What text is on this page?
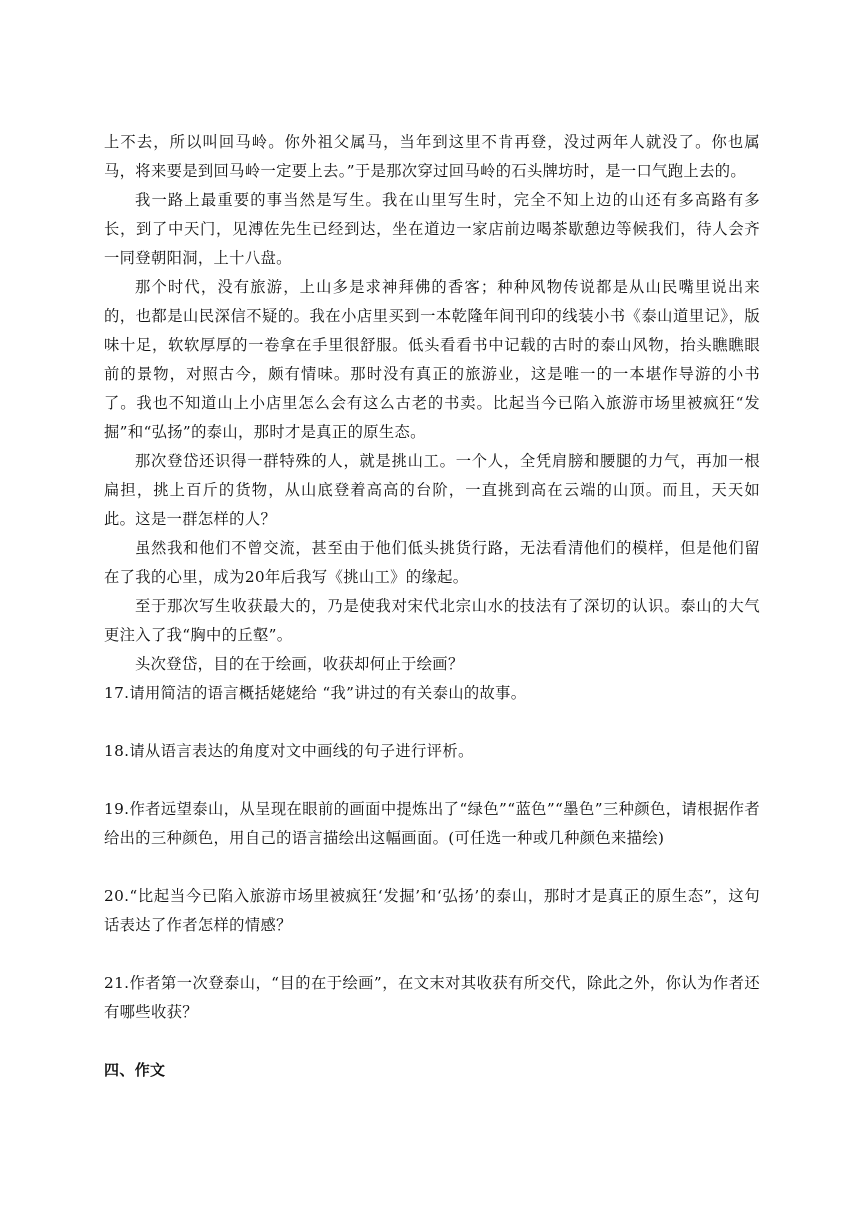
上不去，所以叫回马岭。你外祖父属马，当年到这里不肯再登，没过两年人就没了。你也属马，将来要是到回马岭一定要上去。”于是那次穿过回马岭的石头牌坊时，是一口气跑上去的。

我一路上最重要的事当然是写生。我在山里写生时，完全不知上边的山还有多高路有多长，到了中天门，见溥佐先生已经到达，坐在道边一家店前边喝茶歇憩边等候我们，待人会齐一同登朝阳洞，上十八盘。

那个时代，没有旅游，上山多是求神拜佛的香客；种种风物传说都是从山民嘴里说出来的，也都是山民深信不疑的。我在小店里买到一本乾隆年间刊印的线装小书《泰山道里记》，版味十足，软软厚厚的一卷拿在手里很舒服。低头看看书中记载的古时的泰山风物，抬头瞧瞧眼前的景物，对照古今，颇有情味。那时没有真正的旅游业，这是唯一的一本堪作导游的小书了。我也不知道山上小店里怎么会有这么古老的书卖。比起当今已陷入旅游市场里被疯狂“发掘”和“弘扬”的泰山，那时才是真正的原生态。

那次登岱还识得一群特殊的人，就是挑山工。一个人，全凭肩膀和腰腿的力气，再加一根扁担，挑上百斤的货物，从山底登着高高的台阶，一直挑到高在云端的山顶。而且，天天如此。这是一群怎样的人？

虽然我和他们不曾交流，甚至由于他们低头挑货行路，无法看清他们的模样，但是他们留在了我的心里，成为20年后我写《挑山工》的缘起。

至于那次写生收获最大的，乃是使我对宋代北宗山水的技法有了深切的认识。泰山的大气更注入了我“胸中的丘壑”。

头次登岱，目的在于绘画，收获却何止于绘画？

17.请用简洁的语言概括姥姥给 “我”讲过的有关泰山的故事。

18.请从语言表达的角度对文中画线的句子进行评析。

19.作者远望泰山，从呈现在眼前的画面中提炼出了“绿色”“蓝色”“墨色”三种颜色，请根据作者给出的三种颜色，用自己的语言描绘出这幅画面。(可任选一种或几种颜色来描绘)

20.“比起当今已陷入旅游市场里被疯狂‘发掘’和‘弘扬’的泰山，那时才是真正的原生态”，这句话表达了作者怎样的情感？

21.作者第一次登泰山，“目的在于绘画”，在文末对其收获有所交代，除此之外，你认为作者还有哪些收获？

四、作文
